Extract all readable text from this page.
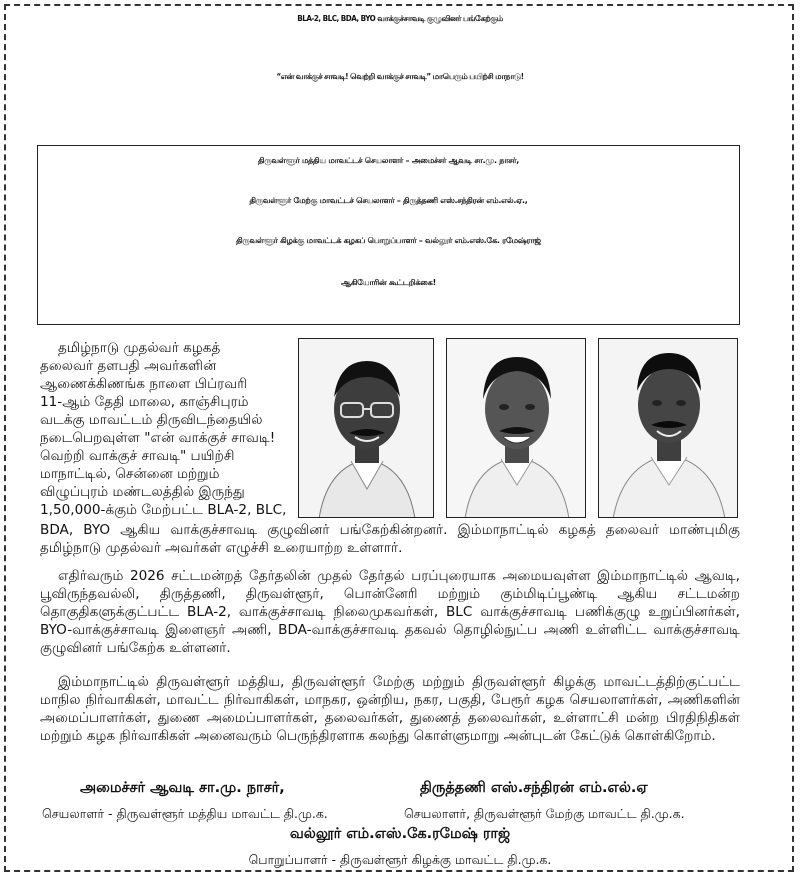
BLA-2, BLC, BDA, BYO வாக்குச்சாவடி குழுவினர் பங்கேற்கும்
“என் வாக்குச் சாவடி! வெற்றி வாக்குச் சாவடி” மாபெரும் பயிற்சி மாநாடு!
திருவள்ளூர் மத்திய மாவட்டச் செயலாளர் – அமைச்சர் ஆவடி சா.மு. நாசர்,
திருவள்ளூர் மேற்கு மாவட்டச் செயலாளர் – திருத்தணி எஸ்.சந்திரன் எம்.எல்.ஏ.,
திருவள்ளூர் கிழக்கு மாவட்டக் கழகப் பொறுப்பாளர் – வல்லூர் எம்.எஸ்.கே. ரமேஷ்ராஜ்
ஆகியோரின் கூட்டறிக்கை!
தமிழ்நாடு முதல்வர் கழகத்
தலைவர் தளபதி அவர்களின்
ஆணைக்கிணங்க நாளை பிப்ரவரி
11-ஆம் தேதி மாலை, காஞ்சிபுரம்
வடக்கு மாவட்டம் திருவிடந்தையில்
நடைபெறவுள்ள "என் வாக்குச் சாவடி!
வெற்றி வாக்குச் சாவடி" பயிற்சி
மாநாட்டில், சென்னை மற்றும்
விழுப்புரம் மண்டலத்தில் இருந்து
1,50,000-க்கும் மேற்பட்ட BLA-2, BLC,
BDA, BYO ஆகிய வாக்குச்சாவடி குழுவினர் பங்கேற்கின்றனர். இம்மாநாட்டில் கழகத் தலைவர் மாண்புமிகு தமிழ்நாடு முதல்வர் அவர்கள் எழுச்சி உரையாற்ற உள்ளார்.
எதிர்வரும் 2026 சட்டமன்றத் தேர்தலின் முதல் தேர்தல் பரப்புரையாக அமையவுள்ள இம்மாநாட்டில் ஆவடி, பூவிருந்தவல்லி, திருத்தணி, திருவள்ளூர், பொன்னேரி மற்றும் கும்மிடிப்பூண்டி ஆகிய சட்டமன்ற தொகுதிகளுக்குட்பட்ட BLA-2, வாக்குச்சாவடி நிலைமுகவர்கள், BLC வாக்குச்சாவடி பணிக்குழு உறுப்பினர்கள், BYO-வாக்குச்சாவடி இளைஞர் அணி, BDA-வாக்குச்சாவடி தகவல் தொழில்நுட்ப அணி உள்ளிட்ட வாக்குச்சாவடி குழுவினர் பங்கேற்க உள்ளனர்.
இம்மாநாட்டில் திருவள்ளூர் மத்திய, திருவள்ளூர் மேற்கு மற்றும் திருவள்ளூர் கிழக்கு மாவட்டத்திற்குட்பட்ட மாநில நிர்வாகிகள், மாவட்ட நிர்வாகிகள், மாநகர, ஒன்றிய, நகர, பகுதி, பேரூர் கழக செயலாளர்கள், அணிகளின் அமைப்பாளர்கள், துணை அமைப்பாளர்கள், தலைவர்கள், துணைத் தலைவர்கள், உள்ளாட்சி மன்ற பிரதிநிதிகள் மற்றும் கழக நிர்வாகிகள் அனைவரும் பெருந்திரளாக கலந்து கொள்ளுமாறு அன்புடன் கேட்டுக் கொள்கிறோம்.
அமைச்சர் ஆவடி சா.மு. நாசர்,
செயலாளர் - திருவள்ளூர் மத்திய மாவட்ட தி.மு.க.
திருத்தணி எஸ்.சந்திரன் எம்.எல்.ஏ
செயலாளர், திருவள்ளூர் மேற்கு மாவட்ட தி.மு.க.
வல்லூர் எம்.எஸ்.கே.ரமேஷ் ராஜ்
பொறுப்பாளர் - திருவள்ளூர் கிழக்கு மாவட்ட தி.மு.க.
